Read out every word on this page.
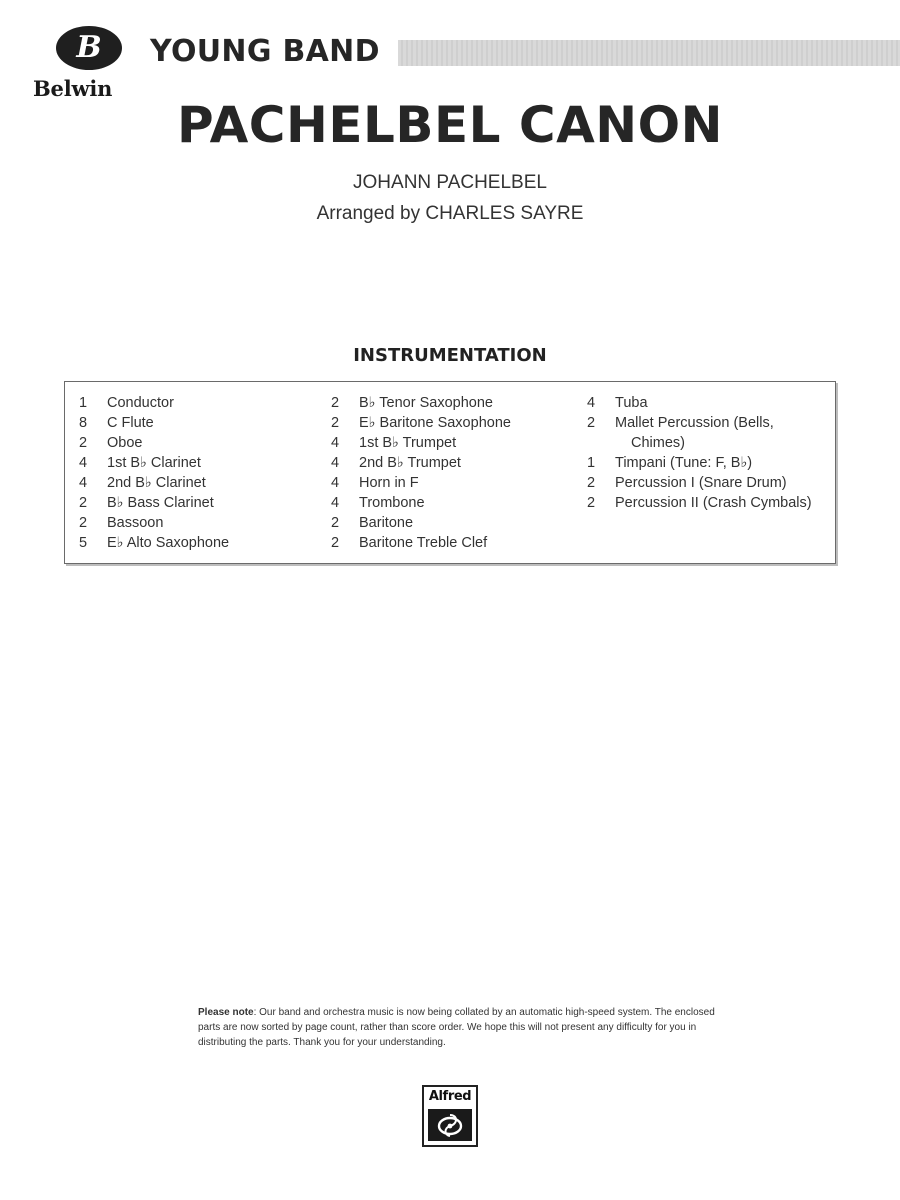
B
Belwin
YOUNG BAND
PACHELBEL CANON
JOHANN PACHELBEL
Arranged by CHARLES SAYRE
INSTRUMENTATION
1	Conductor
8	C Flute
2	Oboe
4	1st B♭ Clarinet
4	2nd B♭ Clarinet
2	B♭ Bass Clarinet
2	Bassoon
5	E♭ Alto Saxophone
2	B♭ Tenor Saxophone
2	E♭ Baritone Saxophone
4	1st B♭ Trumpet
4	2nd B♭ Trumpet
4	Horn in F
4	Trombone
2	Baritone
2	Baritone Treble Clef
4	Tuba
2	Mallet Percussion (Bells,
Chimes)
1	Timpani (Tune: F, B♭)
2	Percussion I (Snare Drum)
2	Percussion II (Crash Cymbals)
Please note: Our band and orchestra music is now being collated by an automatic high-speed system. The enclosed parts are now sorted by page count, rather than score order. We hope this will not present any difficulty for you in distributing the parts. Thank you for your understanding.
Alfred
